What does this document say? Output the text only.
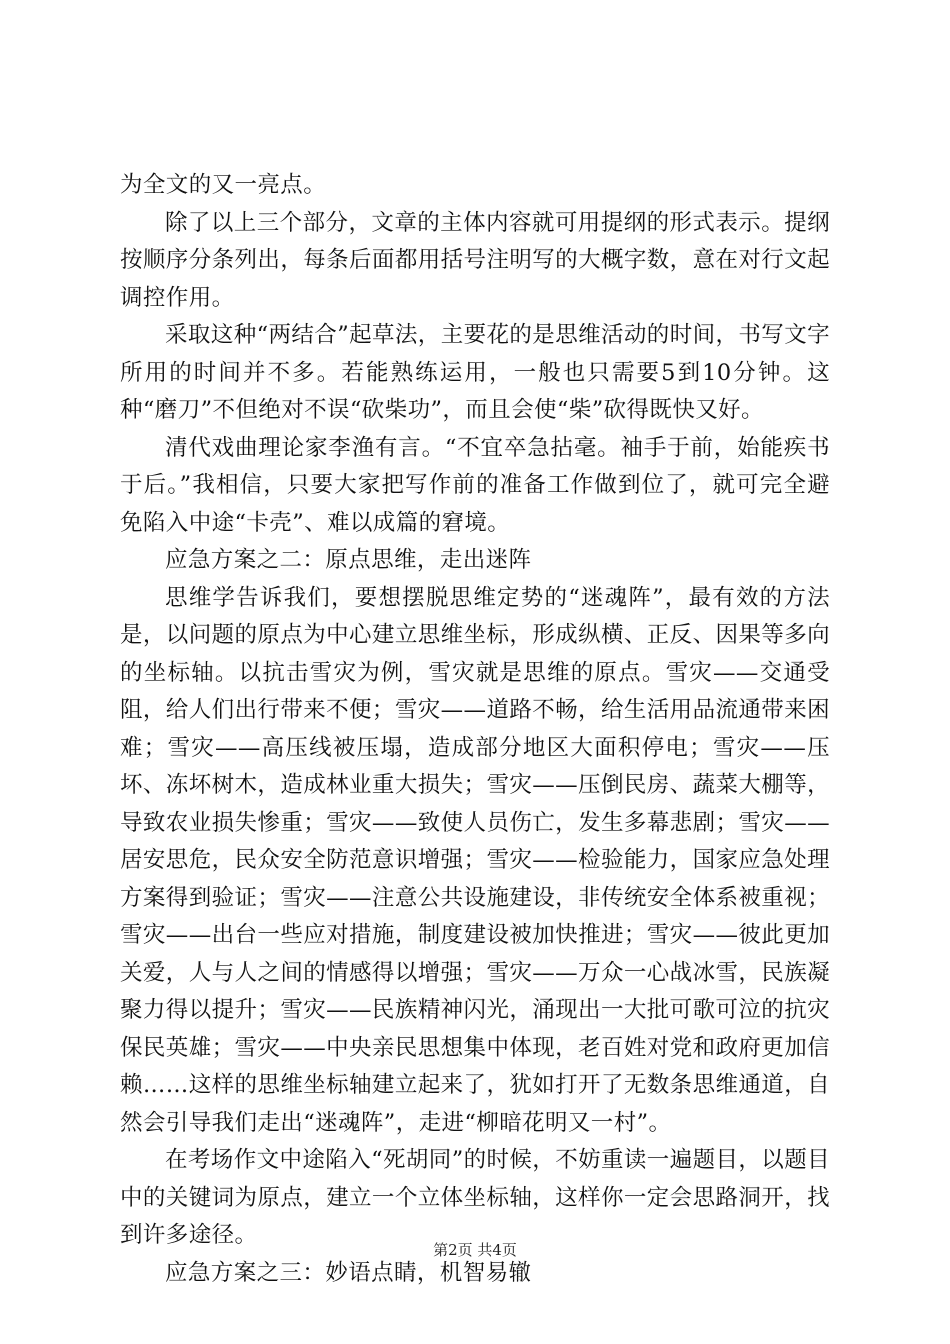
为全文的又一亮点。

除了以上三个部分，文章的主体内容就可用提纲的形式表示。提纲按顺序分条列出，每条后面都用括号注明写的大概字数，意在对行文起调控作用。

采取这种“两结合”起草法，主要花的是思维活动的时间，书写文字所用的时间并不多。若能熟练运用，一般也只需要5到10分钟。这种“磨刀”不但绝对不误“砍柴功”，而且会使“柴”砍得既快又好。

清代戏曲理论家李渔有言。“不宜卒急拈毫。袖手于前，始能疾书于后。”我相信，只要大家把写作前的准备工作做到位了，就可完全避免陷入中途“卡壳”、难以成篇的窘境。

应急方案之二：原点思维，走出迷阵

思维学告诉我们，要想摆脱思维定势的“迷魂阵”，最有效的方法是，以问题的原点为中心建立思维坐标，形成纵横、正反、因果等多向的坐标轴。以抗击雪灾为例，雪灾就是思维的原点。雪灾——交通受阻，给人们出行带来不便；雪灾——道路不畅，给生活用品流通带来困难；雪灾——高压线被压塌，造成部分地区大面积停电；雪灾——压坏、冻坏树木，造成林业重大损失；雪灾——压倒民房、蔬菜大棚等，导致农业损失惨重；雪灾——致使人员伤亡，发生多幕悲剧；雪灾——居安思危，民众安全防范意识增强；雪灾——检验能力，国家应急处理方案得到验证；雪灾——注意公共设施建设，非传统安全体系被重视；雪灾——出台一些应对措施，制度建设被加快推进；雪灾——彼此更加关爱，人与人之间的情感得以增强；雪灾——万众一心战冰雪，民族凝聚力得以提升；雪灾——民族精神闪光，涌现出一大批可歌可泣的抗灾保民英雄；雪灾——中央亲民思想集中体现，老百姓对党和政府更加信赖……这样的思维坐标轴建立起来了，犹如打开了无数条思维通道，自然会引导我们走出“迷魂阵”，走进“柳暗花明又一村”。

在考场作文中途陷入“死胡同”的时候，不妨重读一遍题目，以题目中的关键词为原点，建立一个立体坐标轴，这样你一定会思路洞开，找到许多途径。

应急方案之三：妙语点睛，机智易辙

第2页 共4页
